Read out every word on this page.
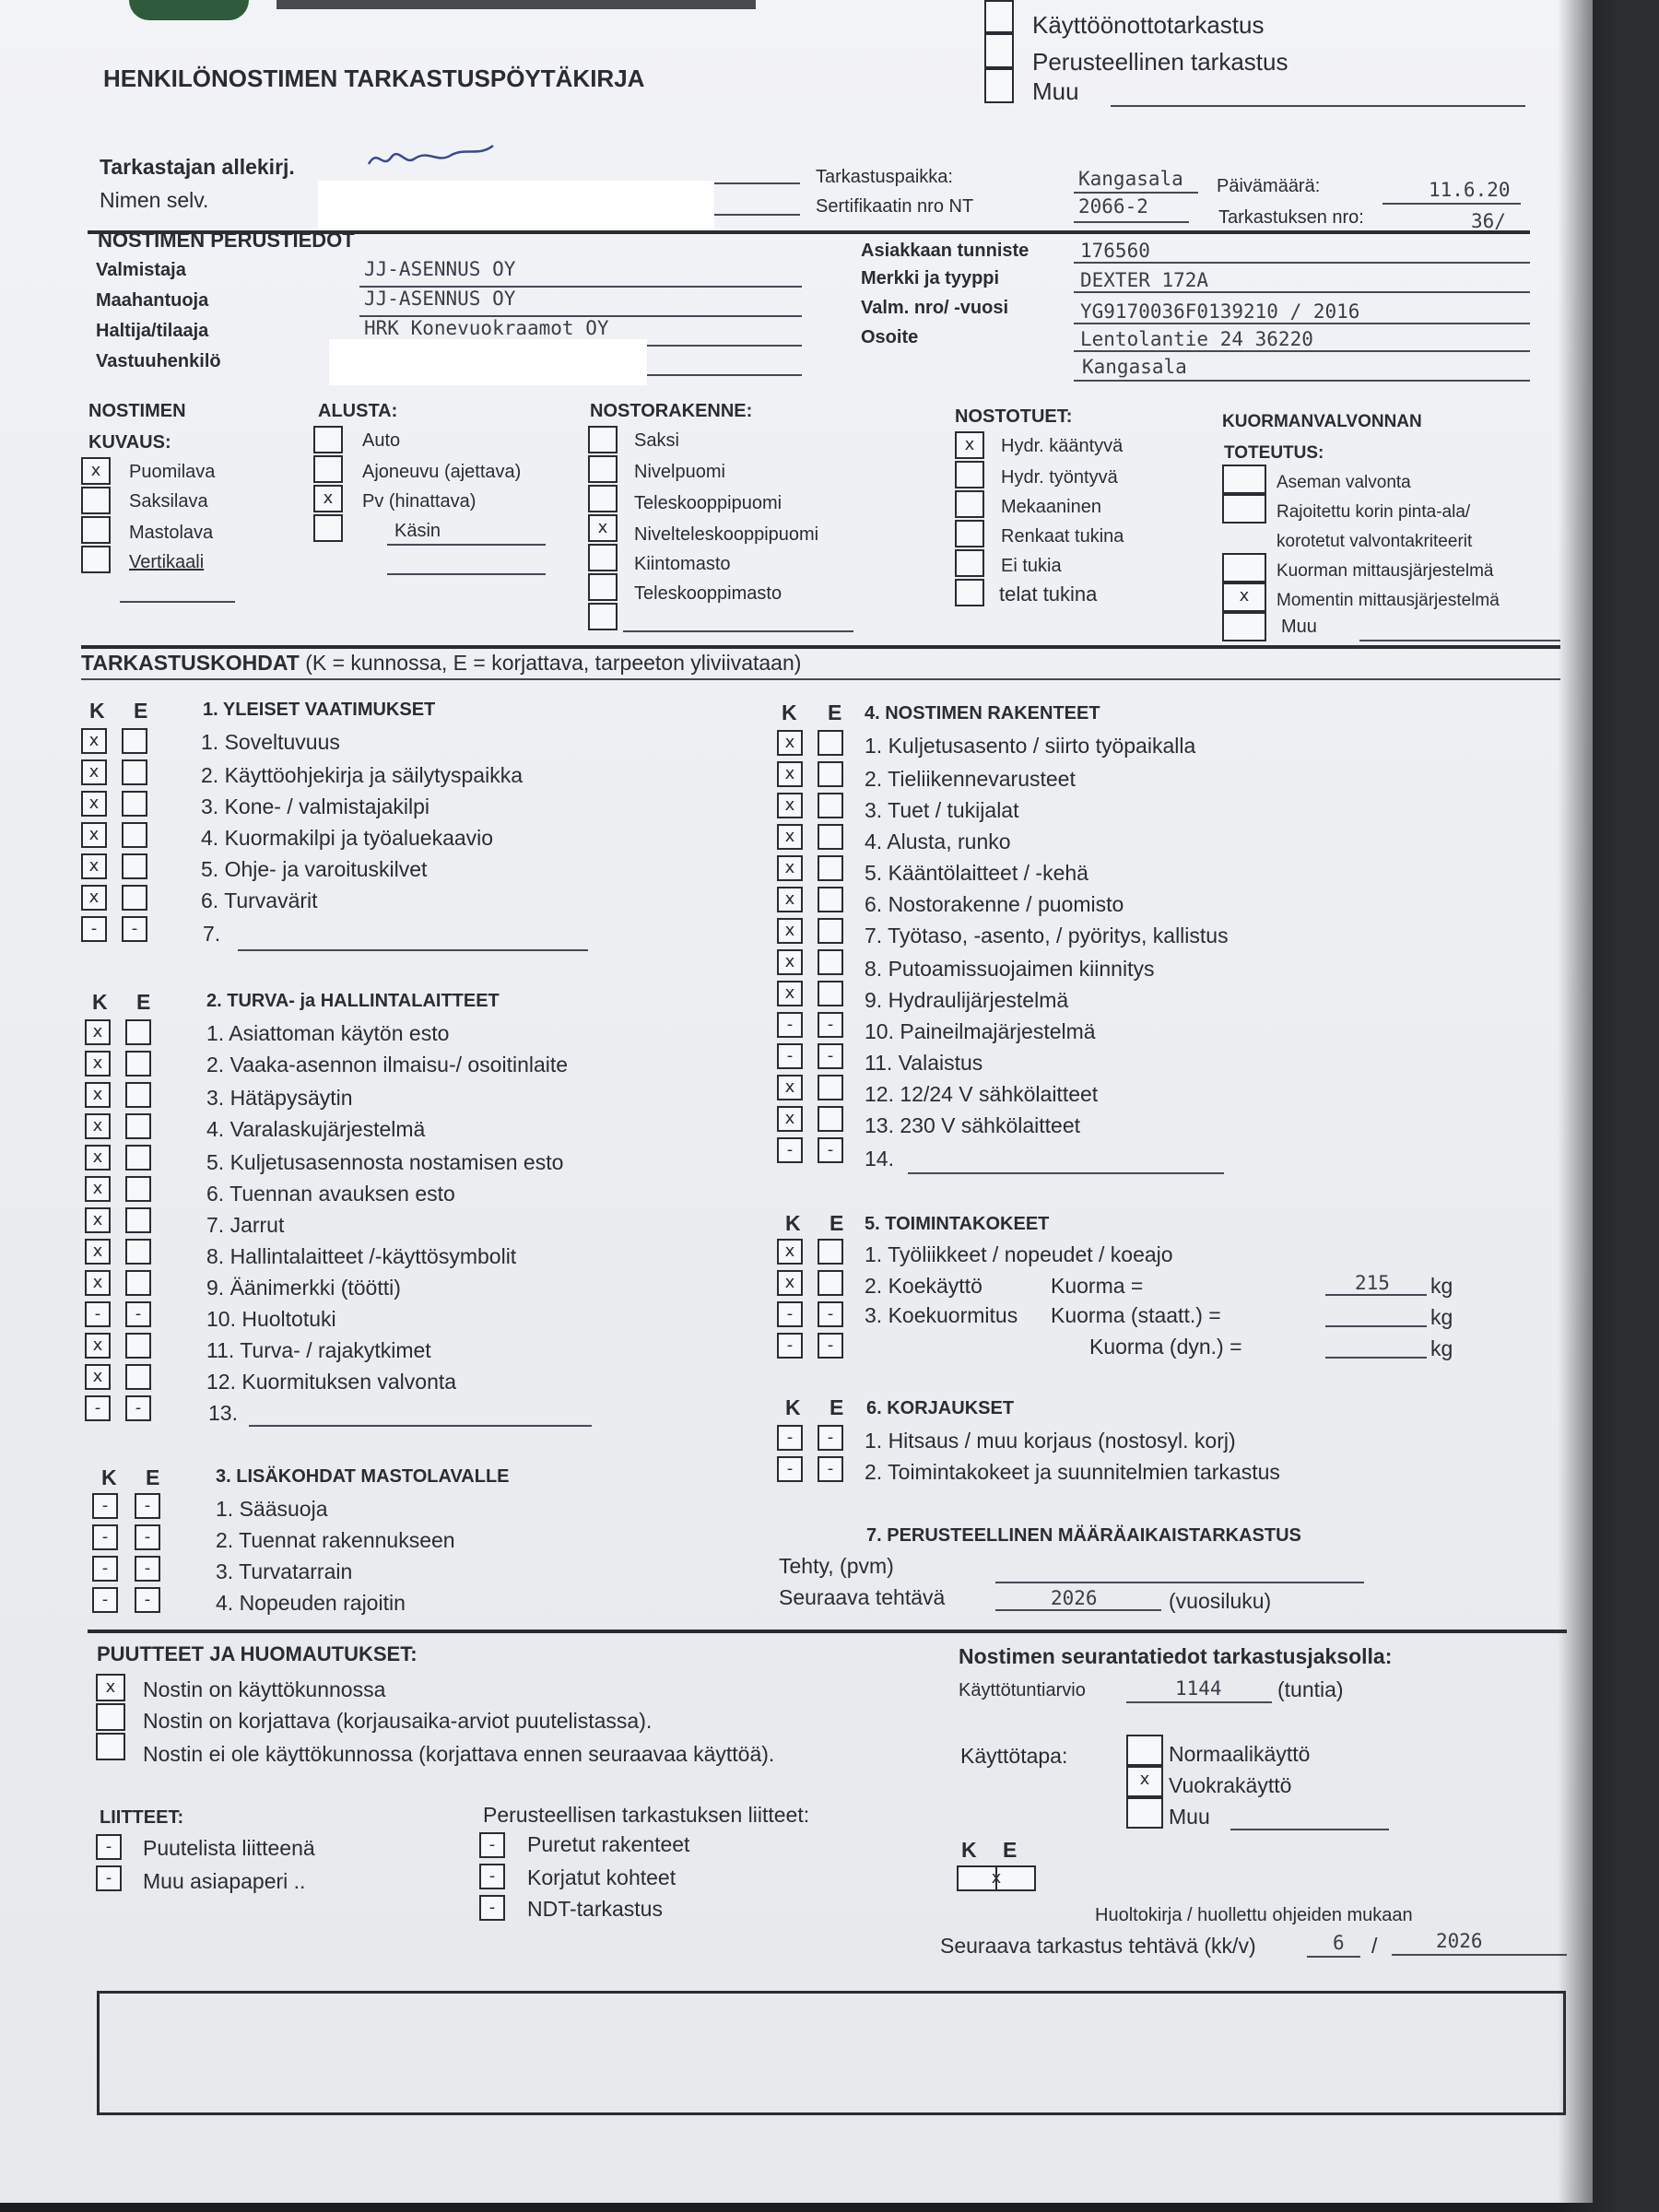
HENKILÖNOSTIMEN TARKASTUSPÖYTÄKIRJA
Käyttöönottotarkastus
Perusteellinen tarkastus
Muu
Tarkastajan allekirj.
Nimen selv.
Tarkastuspaikka:	Kangasala
Sertifikaatin nro NT	2066-2
Päivämäärä:	11.6.20
Tarkastuksen nro:	36/
NOSTIMEN PERUSTIEDOT
Valmistaja	JJ-ASENNUS OY
Maahantuoja	JJ-ASENNUS OY
Haltija/tilaaja	HRK Konevuokraamot OY
Vastuuhenkilö
Asiakkaan tunniste	176560
Merkki ja tyyppi	DEXTER 172A
Valm. nro/ -vuosi	YG9170036F0139210 / 2016
Osoite	Lentolantie 24 36220
Kangasala
NOSTIMEN
KUVAUS:
x	Puomilava
Saksilava
Mastolava
Vertikaali
ALUSTA:
Auto
Ajoneuvu (ajettava)
x	Pv (hinattava)
Käsin
NOSTORAKENNE:
Saksi
Nivelpuomi
Teleskooppipuomi
x	Nivelteleskooppipuomi
Kiintomasto
Teleskooppimasto
NOSTOTUET:
x	Hydr. kääntyvä
Hydr. työntyvä
Mekaaninen
Renkaat tukina
Ei tukia
telat tukina
KUORMANVALVONNAN
TOTEUTUS:
Aseman valvonta
Rajoitettu korin pinta-ala/
korotetut valvontakriteerit
Kuorman mittausjärjestelmä
x	Momentin mittausjärjestelmä
Muu
TARKASTUSKOHDAT (K = kunnossa, E = korjattava, tarpeeton yliviivataan)
K E	1. YLEISET VAATIMUKSET
x	1. Soveltuvuus
x	2. Käyttöohjekirja ja säilytyspaikka
x	3. Kone- / valmistajakilpi
x	4. Kuormakilpi ja työaluekaavio
x	5. Ohje- ja varoituskilvet
x	6. Turvavärit
-	-	7.
K E	2. TURVA- ja HALLINTALAITTEET
x	1. Asiattoman käytön esto
x	2. Vaaka-asennon ilmaisu-/ osoitinlaite
x	3. Hätäpysäytin
x	4. Varalaskujärjestelmä
x	5. Kuljetusasennosta nostamisen esto
x	6. Tuennan avauksen esto
x	7. Jarrut
x	8. Hallintalaitteet /-käyttösymbolit
x	9. Äänimerkki (töötti)
-	-	10. Huoltotuki
x	11. Turva- / rajakytkimet
x	12. Kuormituksen valvonta
-	-	13.
K E	3. LISÄKOHDAT MASTOLAVALLE
-	-	1. Sääsuoja
-	-	2. Tuennat rakennukseen
-	-	3. Turvatarrain
-	-	4. Nopeuden rajoitin
K E 4. NOSTIMEN RAKENTEET
x	1. Kuljetusasento / siirto työpaikalla
x	2. Tieliikennevarusteet
x	3. Tuet / tukijalat
x	4. Alusta, runko
x	5. Kääntölaitteet / -kehä
x	6. Nostorakenne / puomisto
x	7. Työtaso, -asento, / pyöritys, kallistus
x	8. Putoamissuojaimen kiinnitys
x	9. Hydraulijärjestelmä
-	-	10. Paineilmajärjestelmä
-	-	11. Valaistus
x	12. 12/24 V sähkölaitteet
x	13. 230 V sähkölaitteet
-	-	14.
K E 5. TOIMINTAKOKEET
x	1. Työliikkeet / nopeudet / koeajo
x	2. Koekäyttö	Kuorma =	215 kg
-	-	3. Koekuormitus Kuorma (staatt.) =	kg
-	-	Kuorma (dyn.) =	kg
K E 6. KORJAUKSET
-	-	1. Hitsaus / muu korjaus (nostosyl. korj)
-	-	2. Toimintakokeet ja suunnitelmien tarkastus
7. PERUSTEELLINEN MÄÄRÄAIKAISTARKASTUS
Tehty, (pvm)
Seuraava tehtävä	2026	(vuosiluku)
PUUTTEET JA HUOMAUTUKSET:
x	Nostin on käyttökunnossa
Nostin on korjattava (korjausaika-arviot puutelistassa).
Nostin ei ole käyttökunnossa (korjattava ennen seuraavaa käyttöä).
Nostimen seurantatiedot tarkastusjaksolla:
Käyttötuntiarvio	1144	(tuntia)
Käyttötapa:	Normaalikäyttö
x Vuokrakäyttö
Muu
LIITTEET:
-	Puutelista liitteenä
-	Muu asiapaperi ..
Perusteellisen tarkastuksen liitteet:
-	Puretut rakenteet
-	Korjatut kohteet
-	NDT-tarkastus
K E
x
Huoltokirja / huollettu ohjeiden mukaan
Seuraava tarkastus tehtävä (kk/v)	6 /	2026
